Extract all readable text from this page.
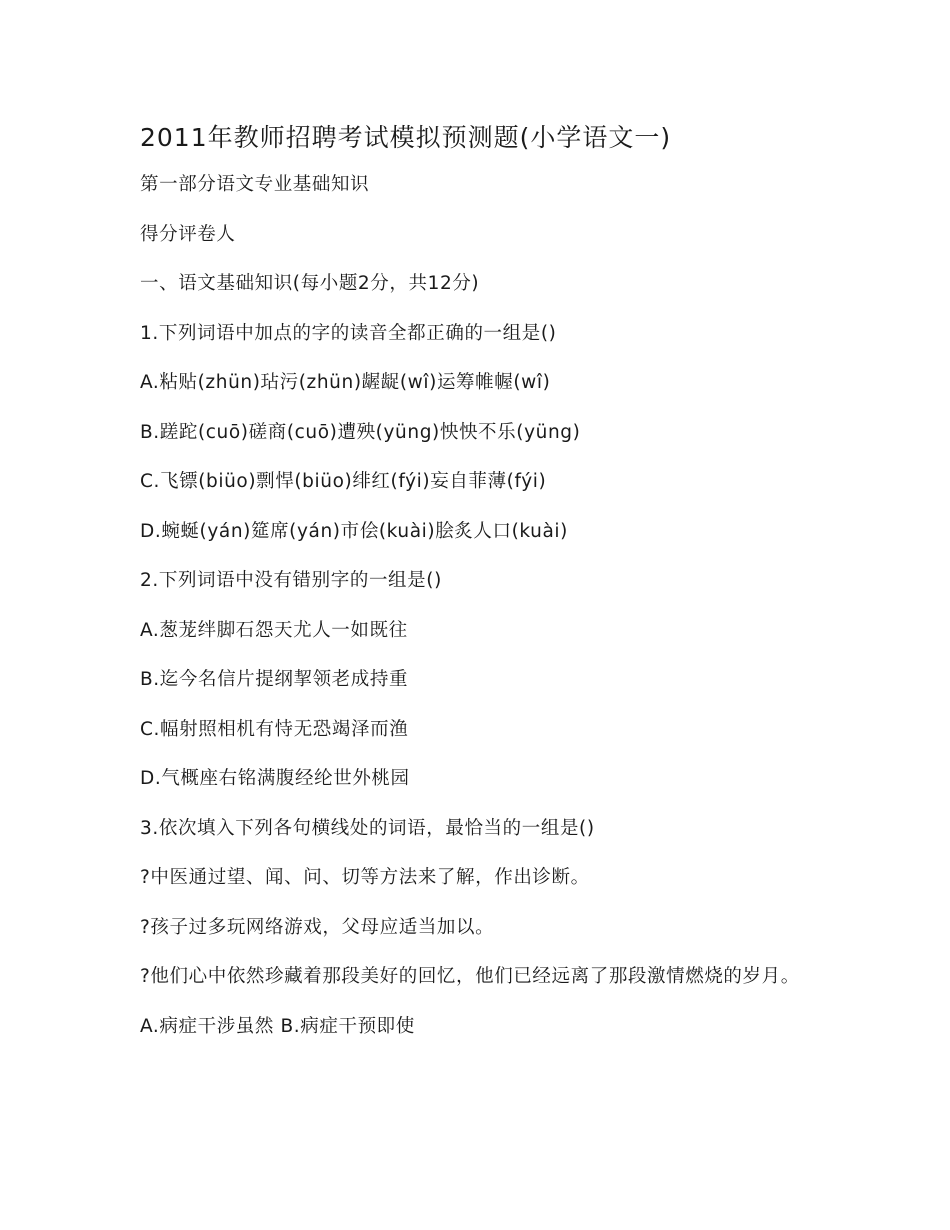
2011年教师招聘考试模拟预测题(小学语文一)
第一部分语文专业基础知识
得分评卷人
一、语文基础知识(每小题2分，共12分)
1.下列词语中加点的字的读音全都正确的一组是()
A.粘贴(zhün)玷污(zhün)龌龊(wî)运筹帷幄(wî)
B.蹉跎(cuō)磋商(cuō)遭殃(yüng)怏怏不乐(yüng)
C.飞镖(biüo)剽悍(biüo)绯红(fýi)妄自菲薄(fýi)
D.蜿蜒(yán)筵席(yán)市侩(kuài)脍炙人口(kuài)
2.下列词语中没有错别字的一组是()
A.葱茏绊脚石怨天尤人一如既往
B.迄今名信片提纲挈领老成持重
C.幅射照相机有恃无恐竭泽而渔
D.气概座右铭满腹经纶世外桃园
3.依次填入下列各句横线处的词语，最恰当的一组是()
?中医通过望、闻、问、切等方法来了解，作出诊断。
?孩子过多玩网络游戏，父母应适当加以。
?他们心中依然珍藏着那段美好的回忆，他们已经远离了那段激情燃烧的岁月。
A.病症干涉虽然 B.病症干预即使
